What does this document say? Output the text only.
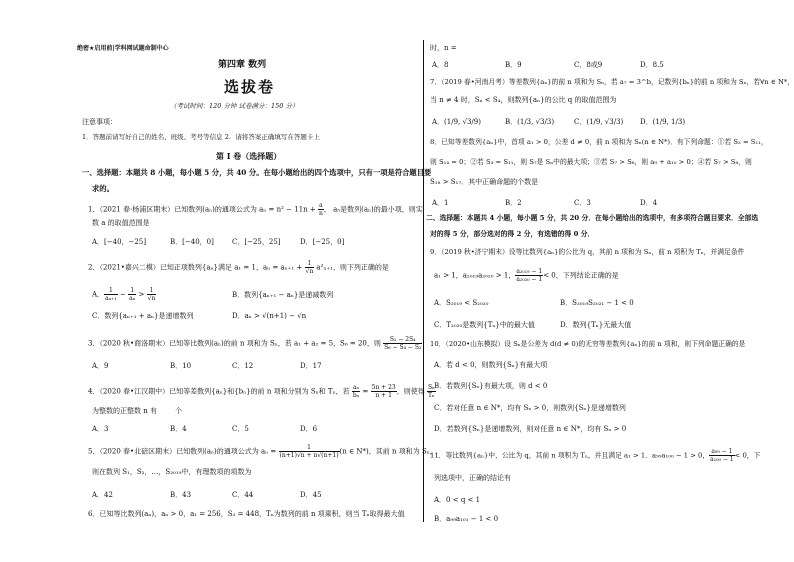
绝密★启用前|学科网试题命制中心
第四章 数列
选拔卷
（考试时间：120 分钟 试卷满分：150 分）
注意事项：
1．答题前请写好自己的姓名、班级、考号等信息 2．请将答案正确填写在答题卡上
第 I 卷（选择题）
一、选择题：本题共 8 小题，每小题 5 分，共 40 分。在每小题给出的四个选项中，只有一项是符合题目要
求的。
1．（2021 春·杨浦区期末）已知数列(aₙ)的通项公式为 $a_n = n^2 - 11n + \frac{a}{n}$ ， a₅是数列(aₙ)的最小项，则实
数 a 的取值范围是
A．[−40，−25]	B．[−40，0]	C．[−25，25]	D．[−25，0]
2．（2021•嘉兴二模）已知正项数列{aₙ}满足 a₁ = 1，$a_n = a_{n+1} + \frac{1}{√n} a^2_{n+1}$，则下列正确的是
A． $\frac{1}{\text{aₙ₊₁}} - \frac{1}{\text{aₙ}} > \frac{1}{√n}$	B．数列{aₙ₊₁ − aₙ}是递减数列
C．数列{aₙ₊₁ + aₙ}是递增数列	D．aₙ > √(n+1) − √n
3．（2020 秋•商洛期末）已知等比数列(aₙ)的前 n 项和为 Sₙ，若 a₁ + a₂ = 5，S₆ = 20，则 $\frac{\text{S₂ − 2S₄}}{\text{S₆ − S₄ − S₂}}$
A．9	B．10	C．12	D．17
4．（2020 春•江汉期中）已知等差数列{aₙ}和{bₙ}的前 n 项和分别为 Sₙ和 Tₙ，若 $\frac{\text{aₙ}}{\text{bₙ}} = \frac{5n + 23}{n + 1}$ ，则使得 $\frac{\text{Sₙ}}{\text{Tₙ}}$
为整数的正整数 n 有	个
A．3	B．4	C．5	D．6
5．（2020 春•北碚区期末）已知数列(aₙ)的通项公式为 $a_n = \frac{1}{(n+1)√n + n√(n+1)} (n$ ∈ N*)，其前 n 项和为 Sₙ，
则在数列 S₁，S₂，…，S₂₀₁₉中，有理数项的项数为
A．42	B．43	C．44	D．45
6．已知等比数列(aₙ)，aₙ > 0，a₁ = 256，S₃ = 448，Tₙ为数列的前 n 项乘积，则当 Tₙ取得最大值
时，n =
A．8	B．9	C．8或9	D．8.5
7．（2019 春•河南月考）等差数列{aₙ}的前 n 项和为 Sₙ，若 a₇ = 3^b，记数列{bₙ}的前 n 项和为 Sₙ，若∀n ∈ N*，
当 n ≠ 4 时，Sₙ < S₄，则数列{aₙ}的公比 q 的取值范围为
A．(1/9, √3/9)	B．(1/3, √3/3)	C．(1/9, √3/3) D．(1/9, 1/3)
8．已知等差数列{aₙ}中，首项 a₁ > 0，公差 d ≠ 0，前 n 项和为 Sₙ(n ∈ N*)．有下列命题：①若 S₃ = S₁₁，
则 S₁₄ = 0；②若 S₃ = S₁₁，则 S₇是 Sₙ中的最大项；③若 S₇ > S₈，则 a₉ + a₁₀ > 0；④若 S₇ > S₈，则
S₁₈ > S₁₇．其中正确命题的个数是
A．1	B．2	C．3	D．4
二、选择题：本题共 4 小题，每小题 5 分，共 20 分．在每小题给出的选项中，有多项符合题目要求．全部选
对的得 5 分，部分选对的得 2 分，有选错的得 0 分．
9．（2019 秋•济宁期末）设等比数列{aₙ}的公比为 q，其前 n 项和为 Sₙ，前 n 项积为 Tₙ，并满足条件
a₁ > 1，a₂₀₁₉a₂₀₂₀ > 1， $\frac{\text{a₂₀₁₉ − 1}}{\text{a₂₀₂₀ − 1}} < 0$，下列结论正确的是
A．S₂₀₁₉ < S₂₀₂₀	B．S₂₀₁₉S₂₀₂₁ − 1 < 0
C．T₂₀₂₀是数列{Tₙ}中的最大值	D．数列{Tₙ}无最大值
10．（2020•山东模拟）设 Sₙ是公差为 d(d ≠ 0)的无穷等差数列{aₙ}的前 n 项和，则下列命题正确的是
A．若 d < 0，则数列{Sₙ}有最大项
B．若数列{Sₙ}有最大项，则 d < 0
C．若对任意 n ∈ N*，均有 Sₙ > 0，则数列{Sₙ}是递增数列
D．若数列{Sₙ}是递增数列，则对任意 n ∈ N*，均有 Sₙ > 0
11．等比数列{aₙ}中，公比为 q，其前 n 项积为 Tₙ，并且满足 a₁ > 1．a₉₉a₁₀₀ − 1 > 0， $\frac{\text{a₉₉ − 1}}{\text{a₁₀₀ − 1}} < 0$，下
列选项中，正确的结论有
A．0 < q < 1
B．a₉₉a₁₀₁ − 1 < 0
